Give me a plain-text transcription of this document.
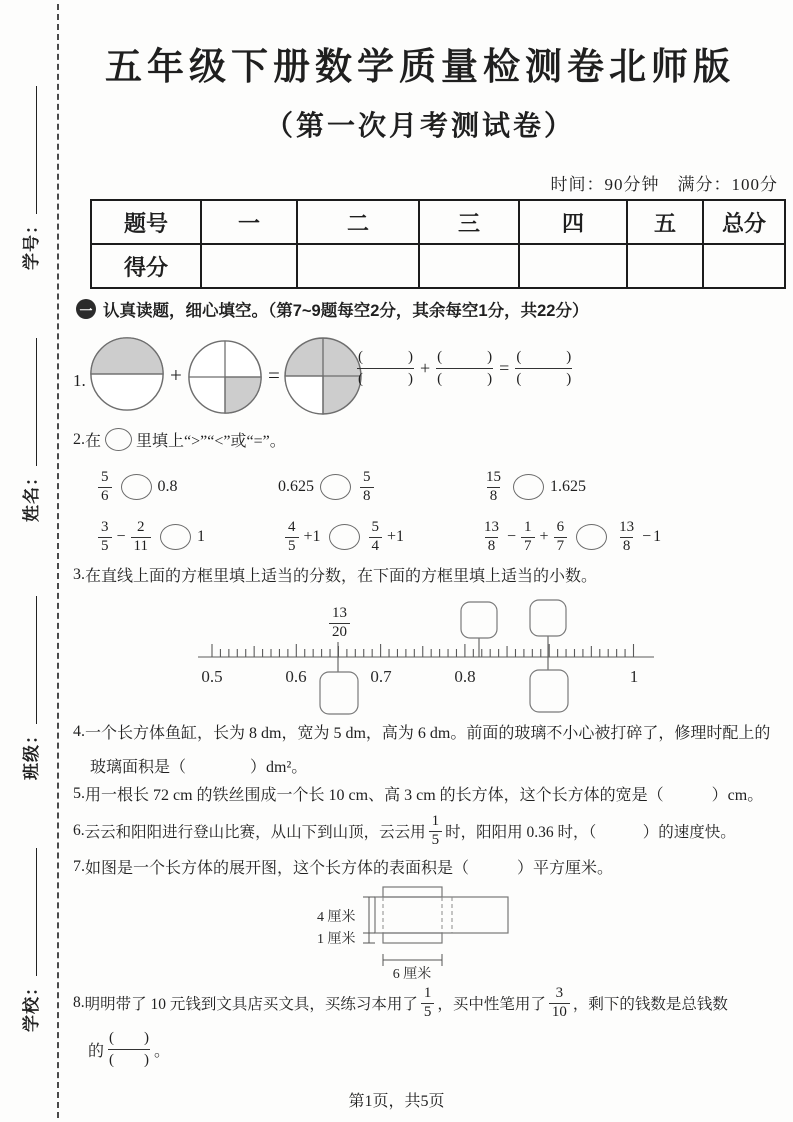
学号：
姓名：
班级：
学校：
五年级下册数学质量检测卷北师版
（第一次月考测试卷）
时间：90分钟　满分：100分
题号	一	二	三	四	五	总分
得分						
一 认真读题，细心填空。（第7~9题每空2分，其余每空1分，共22分）
1.	+	=
(　　　)
(　　　)
+
(　　　)
(　　　)
=
(　　　)
(　　　)
2. 在 里填上“>”“<”或“=”。
$\frac{5}{6}$	0.8	0.625	$\frac{5}{8}$	$\frac{15}{8}$	1.625
$\frac{3}{5} - \frac{2}{11}$	1	$\frac{4}{5} +1$	$\frac{5}{4} +1$	$\frac{13}{8} - \frac{1}{7} + \frac{6}{7}$	$\frac{13}{8} - 1$
3. 在直线上面的方框里填上适当的分数，在下面的方框里填上适当的小数。
0.5	0.6	0.7	0.8	1
$\frac{13}{20}$
4. 一个长方体鱼缸，长为 8 dm，宽为 5 dm，高为 6 dm。前面的玻璃不小心被打碎了，修理时配上的
玻璃面积是（　　　　）dm²。
5. 用一根长 72 cm 的铁丝围成一个长 10 cm、高 3 cm 的长方体，这个长方体的宽是（　　　）cm。
6. 云云和阳阳进行登山比赛，从山下到山顶，云云用 $\frac{1}{5}$ 时，阳阳用 0.36 时，（　　　）的速度快。
7. 如图是一个长方体的展开图，这个长方体的表面积是（　　　）平方厘米。
4 厘米
1 厘米
6 厘米
8. 明明带了 10 元钱到文具店买文具，买练习本用了 $\frac{1}{5}$ ，买中性笔用了 $\frac{3}{10}$ ，剩下的钱数是总钱数
的
(　　)
(　　) 。
第1页，共5页
